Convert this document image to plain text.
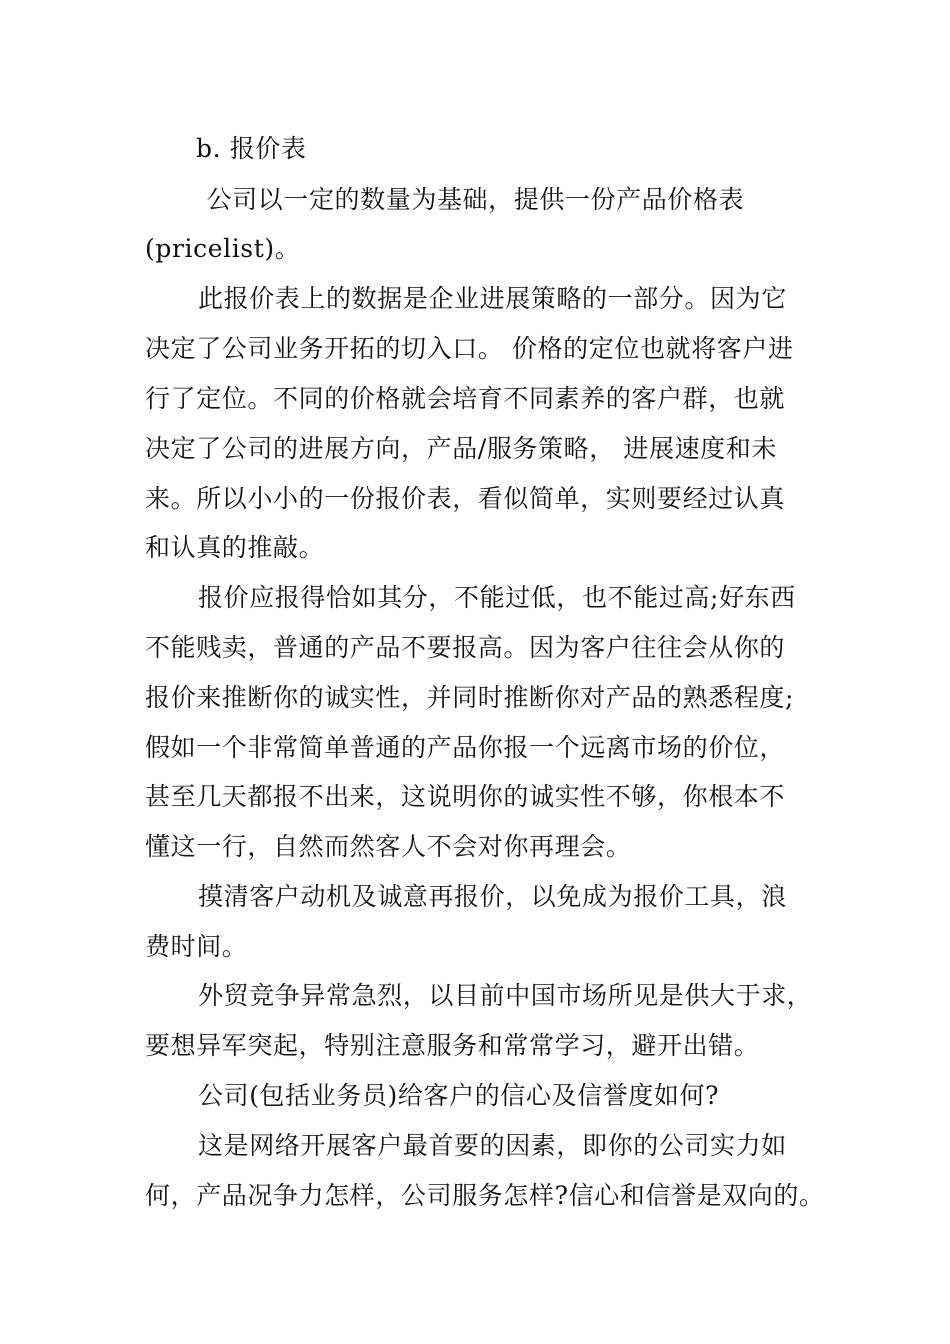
b. 报价表
公司以一定的数量为基础，提供一份产品价格表
(pricelist)。
此报价表上的数据是企业进展策略的一部分。因为它
决定了公司业务开拓的切入口。 价格的定位也就将客户进
行了定位。不同的价格就会培育不同素养的客户群，也就
决定了公司的进展方向，产品/服务策略， 进展速度和未
来。所以小小的一份报价表，看似简单，实则要经过认真
和认真的推敲。
报价应报得恰如其分，不能过低，也不能过高;好东西
不能贱卖，普通的产品不要报高。因为客户往往会从你的
报价来推断你的诚实性，并同时推断你对产品的熟悉程度;
假如一个非常简单普通的产品你报一个远离市场的价位，
甚至几天都报不出来，这说明你的诚实性不够，你根本不
懂这一行，自然而然客人不会对你再理会。
摸清客户动机及诚意再报价，以免成为报价工具，浪
费时间。
外贸竞争异常急烈，以目前中国市场所见是供大于求，
要想异军突起，特别注意服务和常常学习，避开出错。
公司(包括业务员)给客户的信心及信誉度如何?
这是网络开展客户最首要的因素，即你的公司实力如
何，产品况争力怎样，公司服务怎样?信心和信誉是双向的。
